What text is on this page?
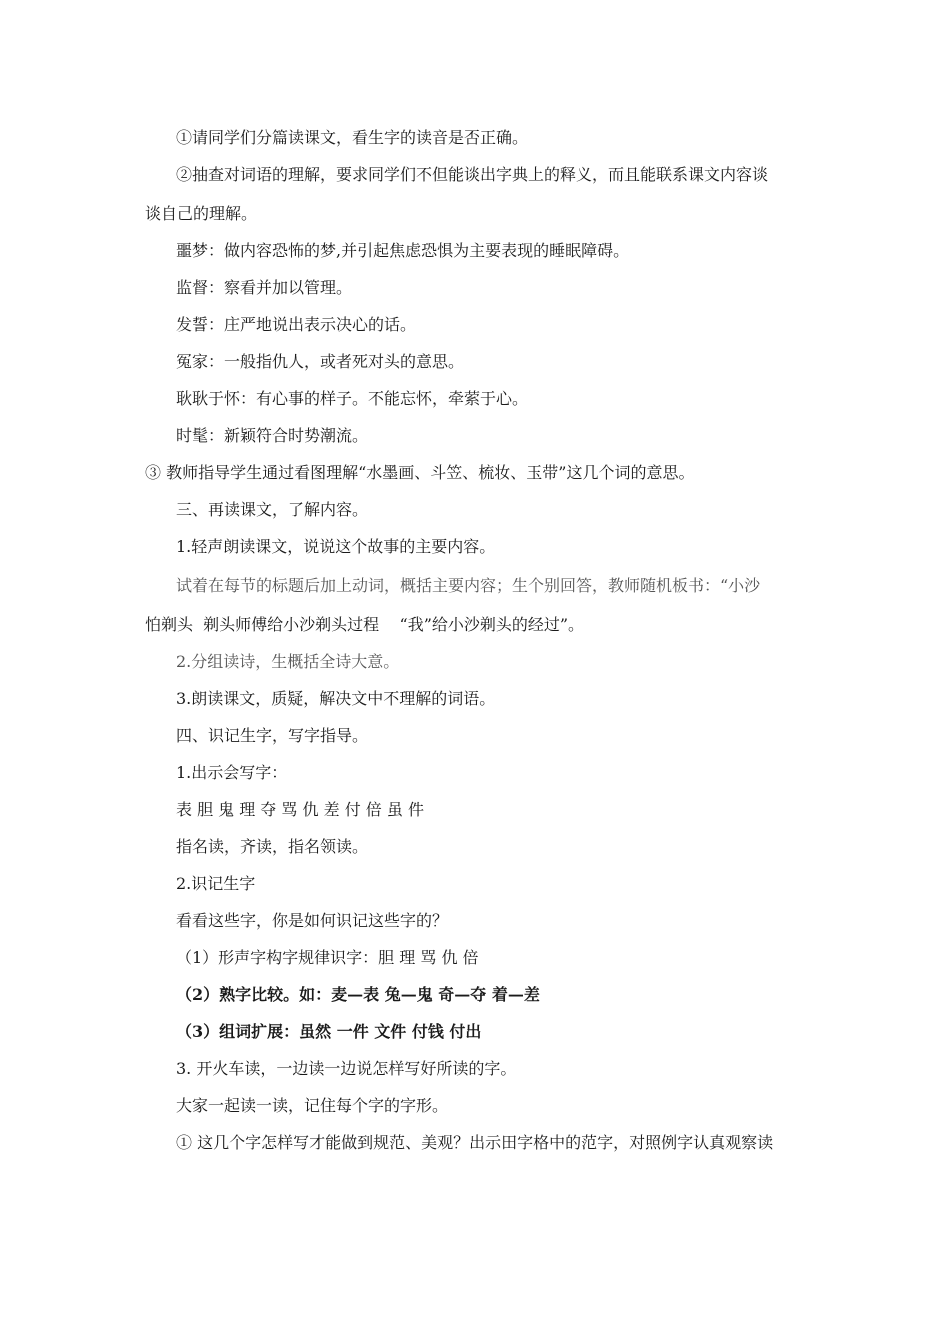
①请同学们分篇读课文，看生字的读音是否正确。
②抽查对词语的理解，要求同学们不但能谈出字典上的释义，而且能联系课文内容谈
谈自己的理解。
噩梦：做内容恐怖的梦,并引起焦虑恐惧为主要表现的睡眠障碍。
监督：察看并加以管理。
发誓：庄严地说出表示决心的话。
冤家：一般指仇人，或者死对头的意思。
耿耿于怀：有心事的样子。不能忘怀，牵萦于心。
时髦：新颖符合时势潮流。
③ 教师指导学生通过看图理解“水墨画、斗笠、梳妆、玉带”这几个词的意思。
三、再读课文，了解内容。
1.轻声朗读课文，说说这个故事的主要内容。
试着在每节的标题后加上动词，概括主要内容；生个别回答，教师随机板书：“小沙
怕剃头  剃头师傅给小沙剃头过程    “我”给小沙剃头的经过”。
2.分组读诗，生概括全诗大意。
3.朗读课文，质疑，解决文中不理解的词语。
四、识记生字，写字指导。
1.出示会写字：
表 胆 鬼 理 夺 骂 仇 差 付 倍 虽 件
指名读，齐读，指名领读。
2.识记生字
看看这些字，你是如何识记这些字的？
（1）形声字构字规律识字：胆 理 骂 仇 倍
（2）熟字比较。如：麦—表 兔—鬼 奇—夺 着—差
（3）组词扩展：虽然 一件 文件 付钱 付出
3. 开火车读，一边读一边说怎样写好所读的字。
大家一起读一读，记住每个字的字形。
① 这几个字怎样写才能做到规范、美观？出示田字格中的范字，对照例字认真观察读
